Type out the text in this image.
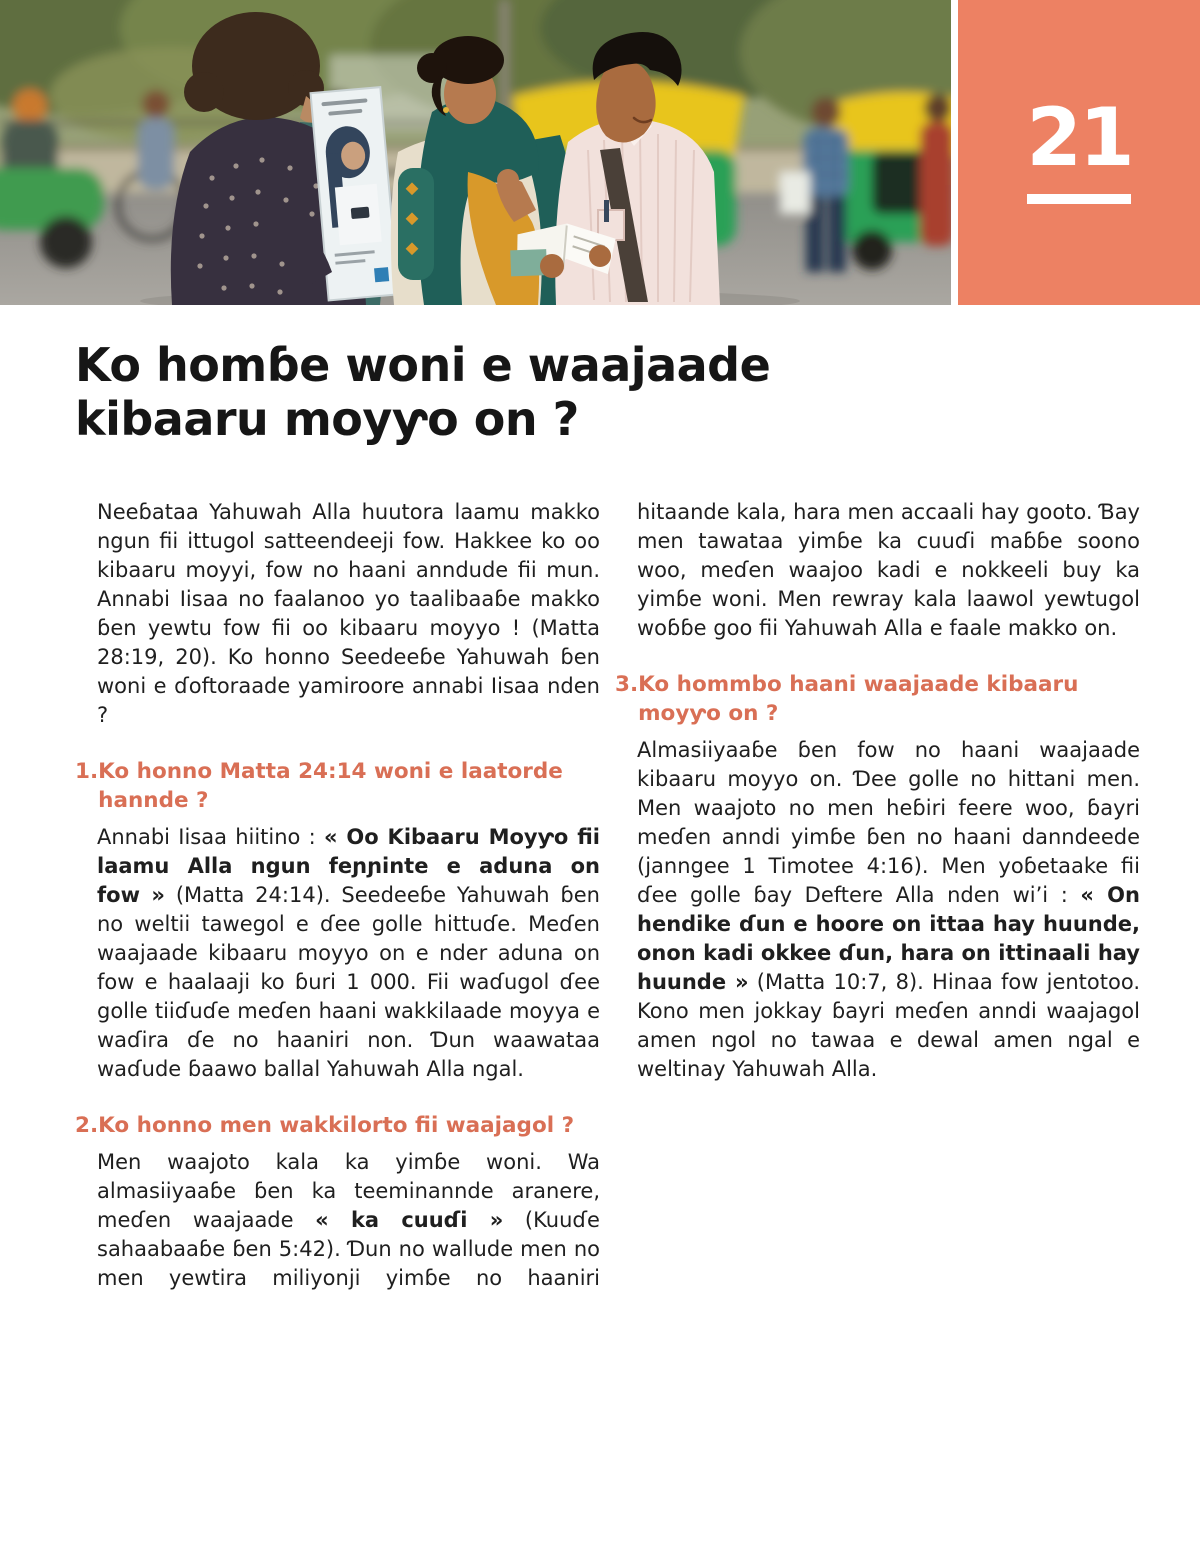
21
Ko homɓe woni e waajaade
kibaaru moyƴo on ?

Neeɓataa Yahuwah Alla huutora laamu makko ngun fii ittugol satteendeeji fow. Hakkee ko oo kibaaru moyyi, fow no haani anndude fii mun. Annabi Iisaa no faalanoo yo taalibaaɓe makko ɓen yewtu fow fii oo kibaaru moyyo ! (Matta 28:19, 20). Ko honno Seedeeɓe Yahuwah ɓen woni e ɗoftoraade yamiroore annabi Iisaa nden ?

1. Ko honno Matta 24:14 woni e laatorde hannde ?

Annabi Iisaa hiitino : « Oo Kibaaru Moyƴo fii laamu Alla ngun feɲɲinte e aduna on fow » (Matta 24:14). Seedeeɓe Yahuwah ɓen no weltii tawegol e ɗee golle hittuɗe. Meɗen waajaade kibaaru moyyo on e nder aduna on fow e haalaaji ko ɓuri 1 000. Fii waɗugol ɗee golle tiiɗuɗe meɗen haani wakkilaade moyya e waɗira ɗe no haaniri non. Ɗun waawataa waɗude ɓaawo ballal Yahuwah Alla ngal.

2. Ko honno men wakkilorto fii waajagol ?

Men waajoto kala ka yimɓe woni. Wa almasiiyaaɓe ɓen ka teeminannde aranere, meɗen waajaade « ka cuuɗi » (Kuuɗe sahaabaaɓe ɓen 5:42). Ɗun no wallude men no men yewtira miliyonji yimɓe no haaniri hitaande kala, hara men accaali hay gooto. Ɓay men tawataa yimɓe ka cuuɗi maɓɓe soono woo, meɗen waajoo kadi e nokkeeli buy ka yimɓe woni. Men rewray kala laawol yewtugol woɓɓe goo fii Yahuwah Alla e faale makko on.

3. Ko hommbo haani waajaade kibaaru moyƴo on ?

Almasiiyaaɓe ɓen fow no haani waajaade kibaaru moyyo on. Ɗee golle no hittani men. Men waajoto no men heɓiri feere woo, ɓayri meɗen anndi yimɓe ɓen no haani danndeede (janngee 1 Timotee 4:16). Men yoɓetaake fii ɗee golle ɓay Deftere Alla nden wi’i : « On hendike ɗun e hoore on ittaa hay huunde, onon kadi okkee ɗun, hara on ittinaali hay huunde » (Matta 10:7, 8). Hinaa fow jentotoo. Kono men jokkay ɓayri meɗen anndi waajagol amen ngol no tawaa e dewal amen ngal e weltinay Yahuwah Alla.
